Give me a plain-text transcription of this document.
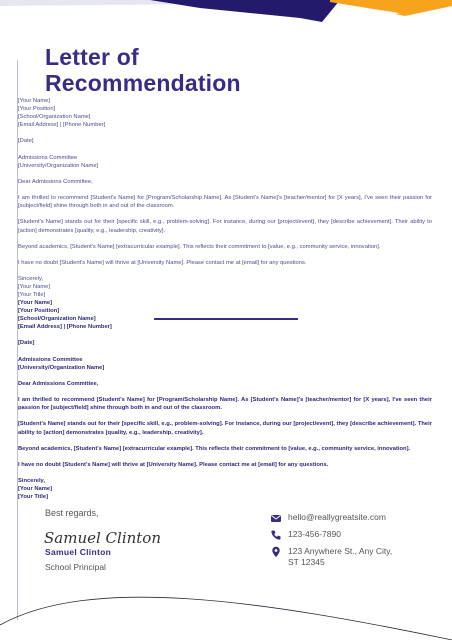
Letter of
Recommendation

[Your Name]

[Your Position]

[School/Organization Name]

[Email Address] | [Phone Number]

[Date]

Admissions Committee

[University/Organization Name]

Dear Admissions Committee,

I am thrilled to recommend [Student's Name] for [Program/Scholarship Name]. As [Student's Name]'s [teacher/mentor] for [X years], I've seen their passion for [subject/field] shine through both in and out of the classroom.

[Student's Name] stands out for their [specific skill, e.g., problem-solving]. For instance, during our [project/event], they [describe achievement]. Their ability to [action] demonstrates [quality, e.g., leadership, creativity].

Beyond academics, [Student's Name] [extracurricular example]. This reflects their commitment to [value, e.g., community service, innovation].

I have no doubt [Student's Name] will thrive at [University Name]. Please contact me at [email] for any questions.

Sincerely,

[Your Name]

[Your Title]

[Your Name]

[Your Position]

[School/Organization Name]

[Email Address] | [Phone Number]

[Date]

Admissions Committee

[University/Organization Name]

Dear Admissions Committee,

I am thrilled to recommend [Student's Name] for [Program/Scholarship Name]. As [Student's Name]'s [teacher/mentor] for [X years], I've seen their passion for [subject/field] shine through both in and out of the classroom.

[Student's Name] stands out for their [specific skill, e.g., problem-solving]. For instance, during our [project/event], they [describe achievement]. Their ability to [action] demonstrates [quality, e.g., leadership, creativity].

Beyond academics, [Student's Name] [extracurricular example]. This reflects their commitment to [value, e.g., community service, innovation].

I have no doubt [Student's Name] will thrive at [University Name]. Please contact me at [email] for any questions.

Sincerely,

[Your Name]

[Your Title]

Best regards,
Samuel Clinton
Samuel Clinton
School Principal
hello@reallygreatsite.com
123-456-7890
123 Anywhere St., Any City,
ST 12345
